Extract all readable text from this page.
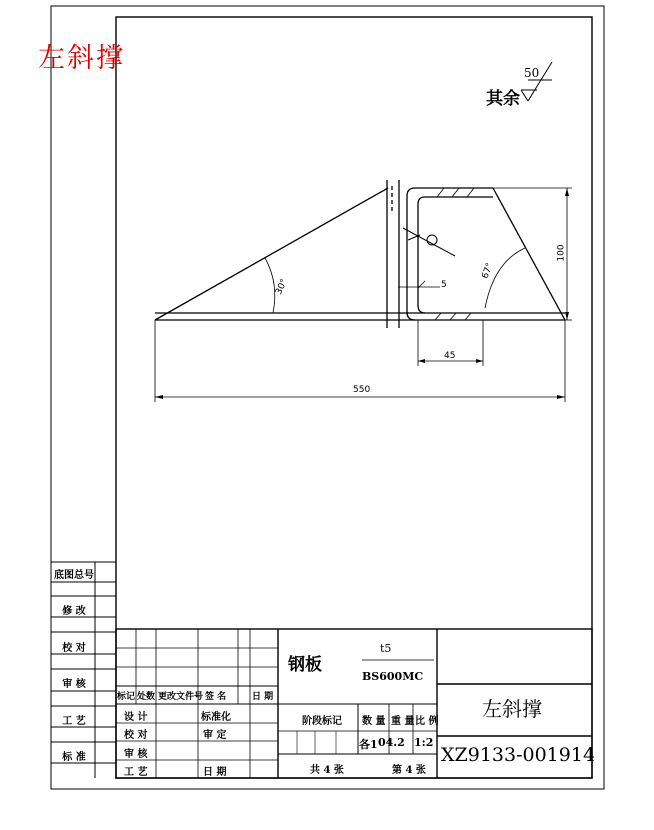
左斜撑
其余
50
550
100
45
5
30°
67°
底图总号
修 改
校 对
审 核
工 艺
标 准
标记 处数 更改文件号 签 名	日 期
设 计
校 对
审 核
工 艺
标准化
审 定
日 期
钢板
t5
BS600MC
阶段标记 数 量 重 量 比 例
各1 04.2 1:2
共 4 张	第 4 张
左斜撑
XZ9133-001914
